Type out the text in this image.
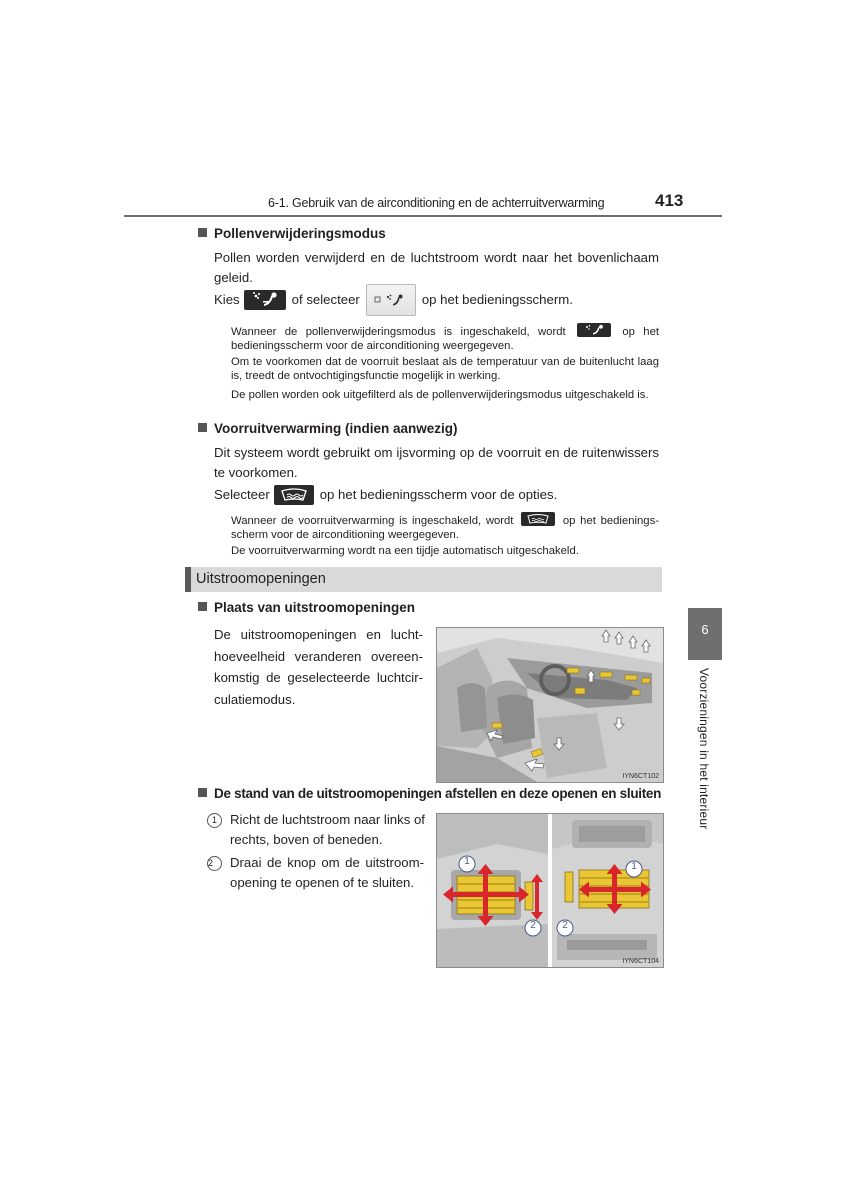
6-1. Gebruik van de airconditioning en de achterruitverwarming	413
Pollenverwijderingsmodus
Pollen worden verwijderd en de luchtstroom wordt naar het bovenlichaam geleid.
Kies	of selecteer	op het bedieningsscherm.
Wanneer de pollenverwijderingsmodus is ingeschakeld, wordt	op het bedieningsscherm voor de airconditioning weergegeven.
Om te voorkomen dat de voorruit beslaat als de temperatuur van de buitenlucht laag is, treedt de ontvochtigingsfunctie mogelijk in werking.
De pollen worden ook uitgefilterd als de pollenverwijderingsmodus uitgeschakeld is.
Voorruitverwarming (indien aanwezig)
Dit systeem wordt gebruikt om ijsvorming op de voorruit en de ruitenwissers te voorkomen.
Selecteer	op het bedieningsscherm voor de opties.
Wanneer de voorruitverwarming is ingeschakeld, wordt	op het bedienings-scherm voor de airconditioning weergegeven.
De voorruitverwarming wordt na een tijdje automatisch uitgeschakeld.
Uitstroomopeningen
Plaats van uitstroomopeningen
De uitstroomopeningen en lucht-hoeveelheid veranderen overeen-komstig de geselecteerde luchtcir-culatiemodus.
IYN6CT102
De stand van de uitstroomopeningen afstellen en deze openen en sluiten
1 Richt de luchtstroom naar links of rechts, boven of beneden.
2	Draai de knop om de uitstroom-opening te openen of te sluiten.
1
2
1
2
IYN6CT104
6
Voorzieningen in het interieur
